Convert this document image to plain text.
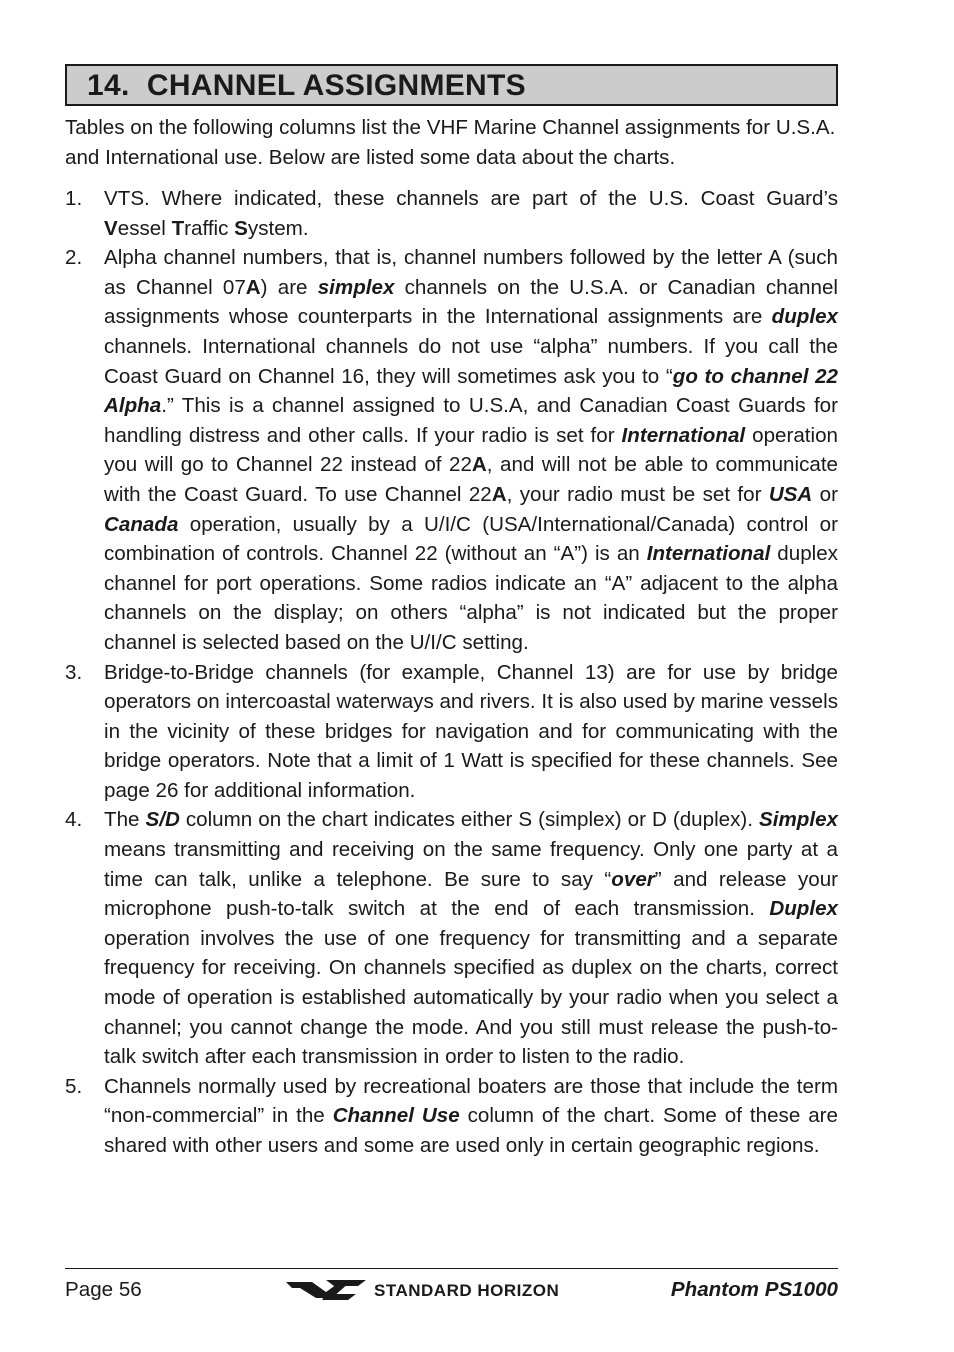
14. CHANNEL ASSIGNMENTS
Tables on the following columns list the VHF Marine Channel assignments for U.S.A. and International use. Below are listed some data about the charts.
1. VTS. Where indicated, these channels are part of the U.S. Coast Guard’s Vessel Traffic System.

2. Alpha channel numbers, that is, channel numbers followed by the letter A (such as Channel 07A) are simplex channels on the U.S.A. or Canadian channel assignments whose counterparts in the International assignments are duplex channels. International channels do not use “alpha” numbers. If you call the Coast Guard on Channel 16, they will sometimes ask you to “go to channel 22 Alpha.” This is a channel assigned to U.S.A, and Canadian Coast Guards for handling distress and other calls. If your radio is set for International operation you will go to Channel 22 instead of 22A, and will not be able to communicate with the Coast Guard. To use Channel 22A, your radio must be set for USA or Canada operation, usually by a U/I/C (USA/International/Canada) control or combination of controls. Channel 22 (without an “A”) is an International duplex channel for port operations. Some radios indicate an “A” adjacent to the alpha channels on the display; on others “alpha” is not indicated but the proper channel is selected based on the U/I/C setting.

3. Bridge-to-Bridge channels (for example, Channel 13) are for use by bridge operators on intercoastal waterways and rivers. It is also used by marine vessels in the vicinity of these bridges for navigation and for communicating with the bridge operators. Note that a limit of 1 Watt is specified for these channels. See page 26 for additional information.

4. The S/D column on the chart indicates either S (simplex) or D (duplex). Simplex means transmitting and receiving on the same frequency. Only one party at a time can talk, unlike a telephone. Be sure to say “over” and release your microphone push-to-talk switch at the end of each transmission. Duplex operation involves the use of one frequency for transmitting and a separate frequency for receiving. On channels specified as duplex on the charts, correct mode of operation is established automatically by your radio when you select a channel; you cannot change the mode. And you still must release the push-to-talk switch after each transmission in order to listen to the radio.

5. Channels normally used by recreational boaters are those that include the term “non-commercial” in the Channel Use column of the chart. Some of these are shared with other users and some are used only in certain geographic regions.

Page 56	STANDARD HORIZON	Phantom PS1000
